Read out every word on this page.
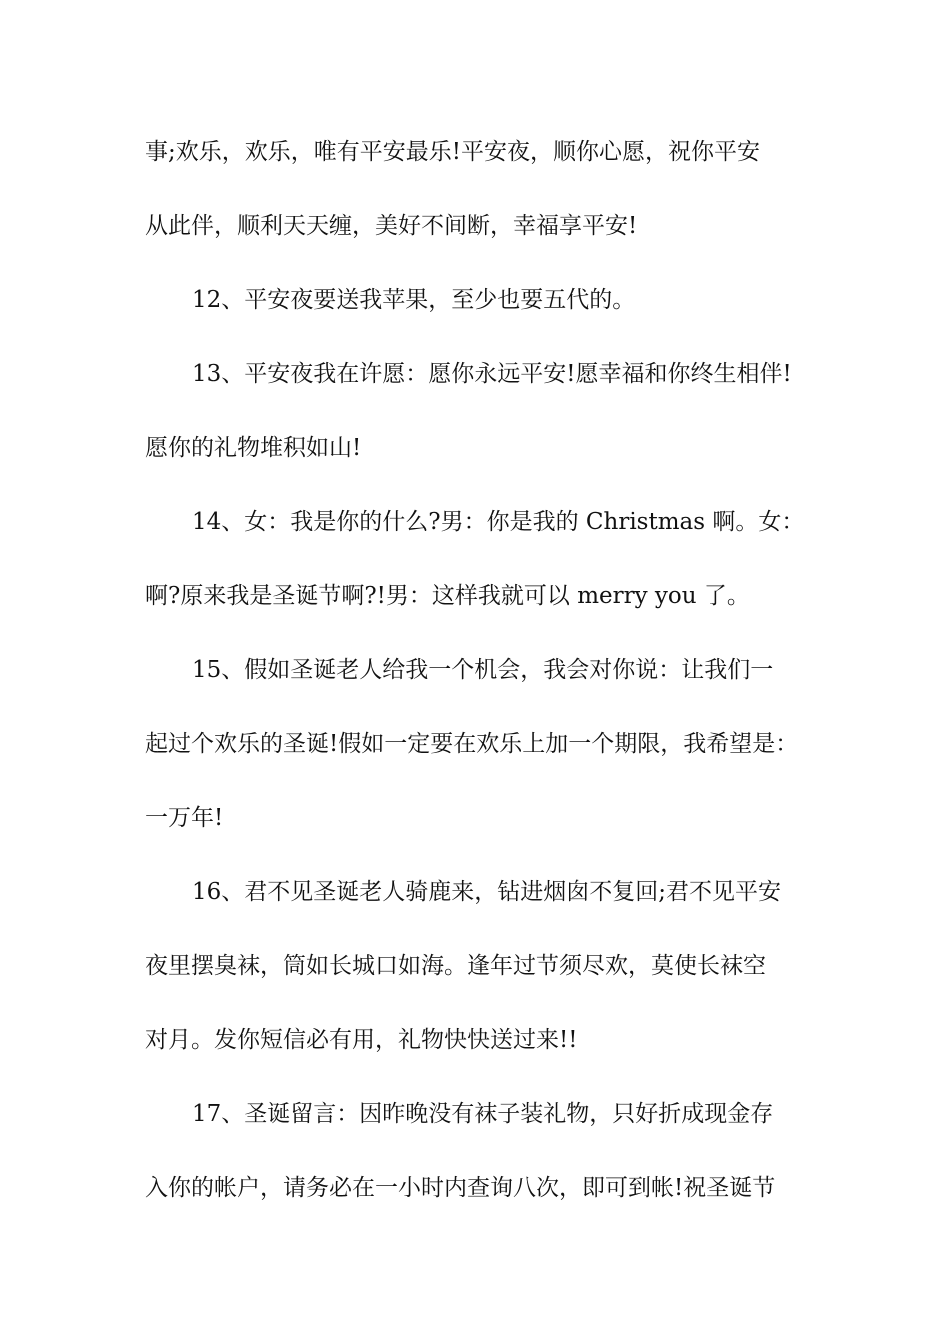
事;欢乐，欢乐，唯有平安最乐!平安夜，顺你心愿，祝你平安
从此伴，顺利天天缠，美好不间断，幸福享平安!
12、平安夜要送我苹果，至少也要五代的。
13、平安夜我在许愿：愿你永远平安!愿幸福和你终生相伴!
愿你的礼物堆积如山!
14、女：我是你的什么?男：你是我的 Christmas 啊。女：
啊?原来我是圣诞节啊?!男：这样我就可以 merry you 了。
15、假如圣诞老人给我一个机会，我会对你说：让我们一
起过个欢乐的圣诞!假如一定要在欢乐上加一个期限，我希望是：
一万年!
16、君不见圣诞老人骑鹿来，钻进烟囱不复回;君不见平安
夜里摆臭袜，筒如长城口如海。逢年过节须尽欢，莫使长袜空
对月。发你短信必有用，礼物快快送过来!!
17、圣诞留言：因昨晚没有袜子装礼物，只好折成现金存
入你的帐户，请务必在一小时内查询八次，即可到帐!祝圣诞节
